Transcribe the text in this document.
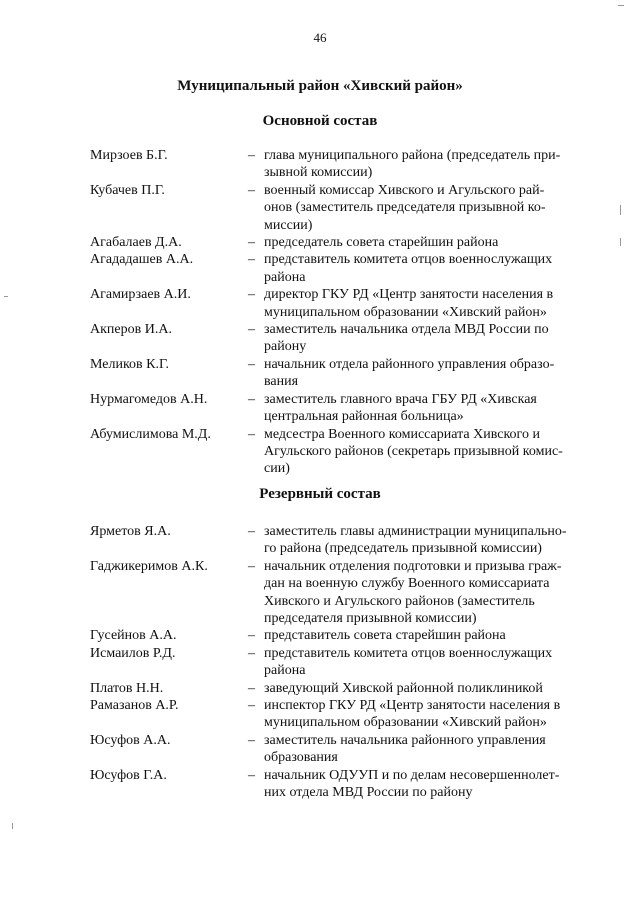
46
Муниципальный район «Хивский район»
Основной состав
Мирзоев Б.Г.	– глава муниципального района (председатель при-
зывной комиссии)
Кубачев П.Г.	– военный комиссар Хивского и Агульского рай-
онов (заместитель председателя призывной ко-
миссии)
Агабалаев Д.А.	– председатель совета старейшин района
Агададашев А.А.	– представитель комитета отцов военнослужащих
района
Агамирзаев А.И.	– директор ГКУ РД «Центр занятости населения в
муниципальном образовании «Хивский район»
Акперов И.А.	– заместитель начальника отдела МВД России по
району
Меликов К.Г.	– начальник отдела районного управления образо-
вания
Нурмагомедов А.Н.	– заместитель главного врача ГБУ РД «Хивская
центральная районная больница»
Абумислимова М.Д.	– медсестра Военного комиссариата Хивского и
Агульского районов (секретарь призывной комис-
сии)
Резервный состав
Ярметов Я.А.	– заместитель главы администрации муниципально-
го района (председатель призывной комиссии)
Гаджикеримов А.К.	– начальник отделения подготовки и призыва граж-
дан на военную службу Военного комиссариата
Хивского и Агульского районов (заместитель
председателя призывной комиссии)
Гусейнов А.А.	– представитель совета старейшин района
Исмаилов Р.Д.	– представитель комитета отцов военнослужащих
района
Платов Н.Н.	– заведующий Хивской районной поликлиникой
Рамазанов А.Р.	– инспектор ГКУ РД «Центр занятости населения в
муниципальном образовании «Хивский район»
Юсуфов А.А.	– заместитель начальника районного управления
образования
Юсуфов Г.А.	– начальник ОДУУП и по делам несовершеннолет-
них отдела МВД России по району
